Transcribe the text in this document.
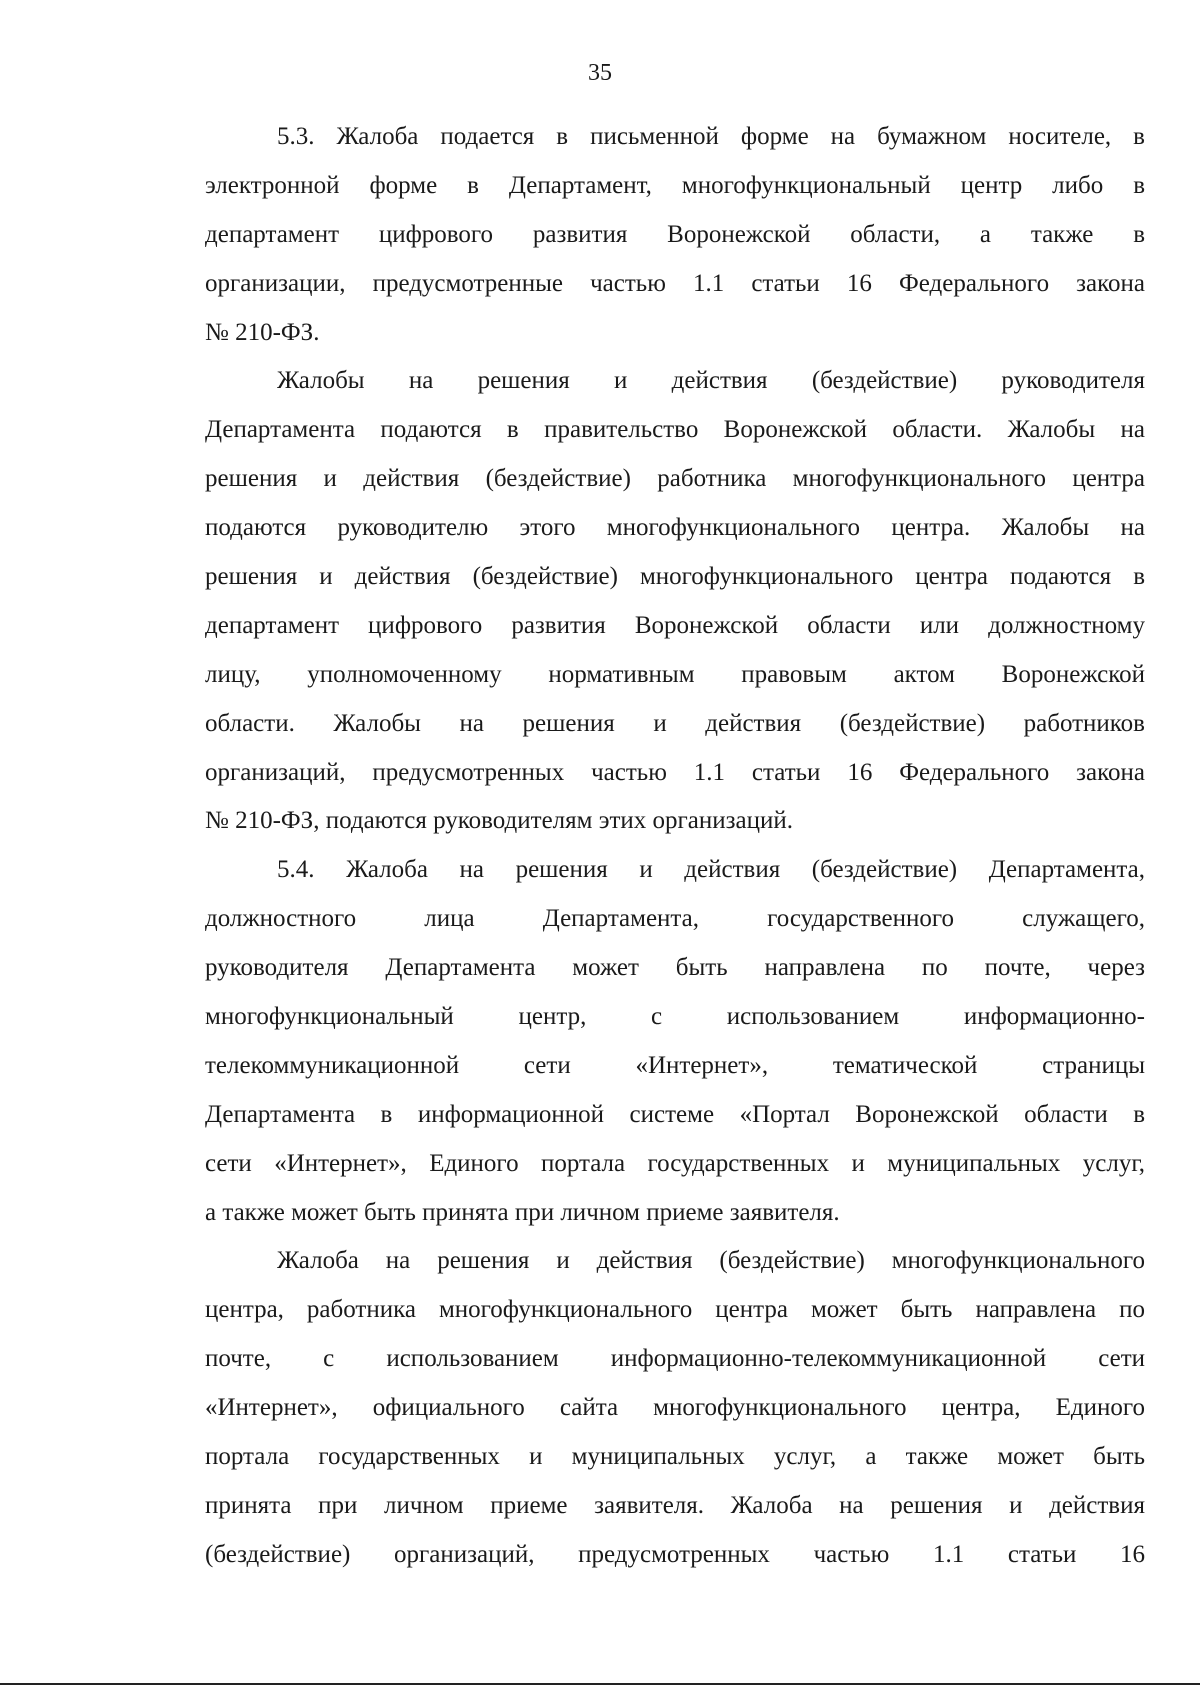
35
5.3. Жалоба подается в письменной форме на бумажном носителе, в
электронной форме в Департамент, многофункциональный центр либо в
департамент цифрового развития Воронежской области, а также в
организации, предусмотренные частью 1.1 статьи 16 Федерального закона
№ 210-ФЗ.
Жалобы на решения и действия (бездействие) руководителя
Департамента подаются в правительство Воронежской области. Жалобы на
решения и действия (бездействие) работника многофункционального центра
подаются руководителю этого многофункционального центра. Жалобы на
решения и действия (бездействие) многофункционального центра подаются в
департамент цифрового развития Воронежской области или должностному
лицу, уполномоченному нормативным правовым актом Воронежской
области. Жалобы на решения и действия (бездействие) работников
организаций, предусмотренных частью 1.1 статьи 16 Федерального закона
№ 210-ФЗ, подаются руководителям этих организаций.
5.4. Жалоба на решения и действия (бездействие) Департамента,
должностного лица Департамента, государственного служащего,
руководителя Департамента может быть направлена по почте, через
многофункциональный центр, с использованием информационно-
телекоммуникационной сети «Интернет», тематической страницы
Департамента в информационной системе «Портал Воронежской области в
сети «Интернет», Единого портала государственных и муниципальных услуг,
а также может быть принята при личном приеме заявителя.
Жалоба на решения и действия (бездействие) многофункционального
центра, работника многофункционального центра может быть направлена по
почте, с использованием информационно-телекоммуникационной сети
«Интернет», официального сайта многофункционального центра, Единого
портала государственных и муниципальных услуг, а также может быть
принята при личном приеме заявителя. Жалоба на решения и действия
(бездействие) организаций, предусмотренных частью 1.1 статьи 16
